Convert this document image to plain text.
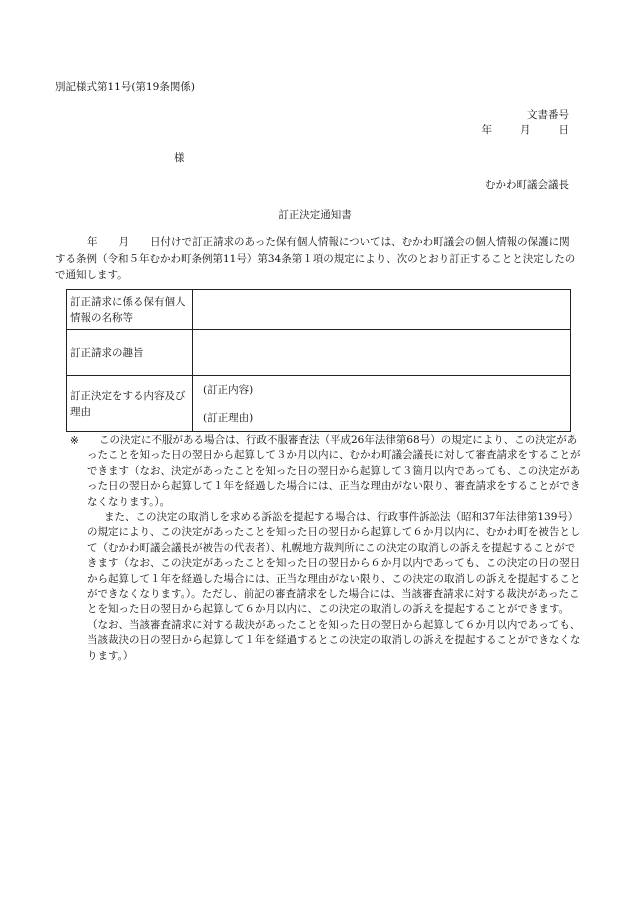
別記様式第11号(第19条関係)
文書番号
年	月	日
様
むかわ町議会議長
訂正決定通知書
年　　月　　日付けで訂正請求のあった保有個人情報については、むかわ町議会の個人情報の保護に関する条例（令和５年むかわ町条例第11号）第34条第１項の規定により、次のとおり訂正することと決定したので通知します。
訂正請求に係る保有個人情報の名称等	
訂正請求の趣旨	
訂正決定をする内容及び理由	(訂正内容)
(訂正理由)
※	この決定に不服がある場合は、行政不服審査法（平成26年法律第68号）の規定により、この決定があったことを知った日の翌日から起算して３か月以内に、むかわ町議会議長に対して審査請求をすることができます（なお、決定があったことを知った日の翌日から起算して３箇月以内であっても、この決定があった日の翌日から起算して１年を経過した場合には、正当な理由がない限り、審査請求をすることができなくなります。）。
また、この決定の取消しを求める訴訟を提起する場合は、行政事件訴訟法（昭和37年法律第139号）の規定により、この決定があったことを知った日の翌日から起算して６か月以内に、むかわ町を被告として（むかわ町議会議長が被告の代表者）、札幌地方裁判所にこの決定の取消しの訴えを提起することができます（なお、この決定があったことを知った日の翌日から６か月以内であっても、この決定の日の翌日から起算して１年を経過した場合には、正当な理由がない限り、この決定の取消しの訴えを提起することができなくなります。）。ただし、前記の審査請求をした場合には、当該審査請求に対する裁決があったことを知った日の翌日から起算して６か月以内に、この決定の取消しの訴えを提起することができます。（なお、当該審査請求に対する裁決があったことを知った日の翌日から起算して６か月以内であっても、当該裁決の日の翌日から起算して１年を経過するとこの決定の取消しの訴えを提起することができなくなります。）
